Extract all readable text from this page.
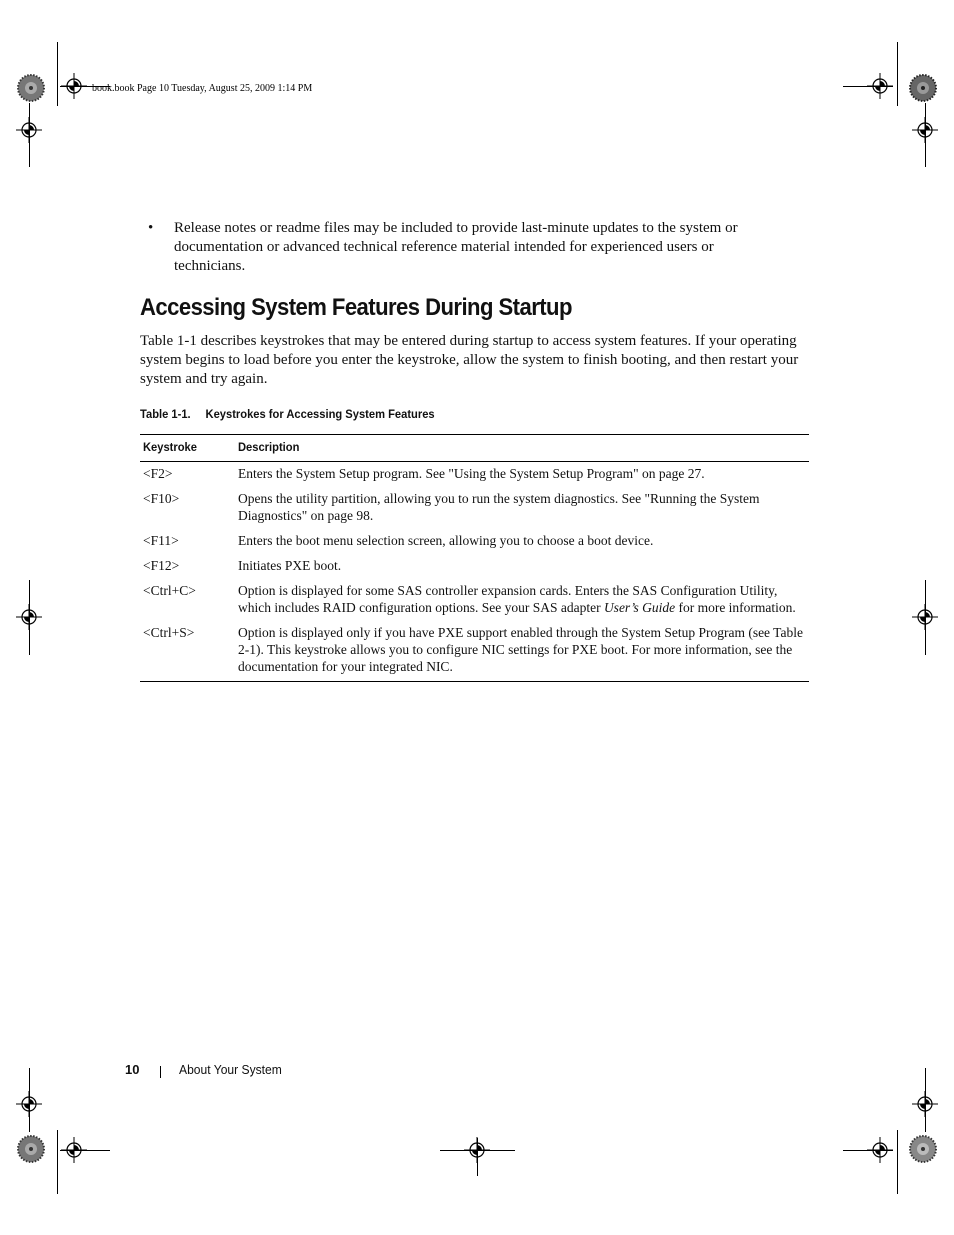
book.book Page 10 Tuesday, August 25, 2009 1:14 PM
• Release notes or readme files may be included to provide last-minute updates to the system or documentation or advanced technical reference material intended for experienced users or technicians.
Accessing System Features During Startup

Table 1-1 describes keystrokes that may be entered during startup to access system features. If your operating system begins to load before you enter the keystroke, allow the system to finish booting, and then restart your system and try again.

Table 1-1. Keystrokes for Accessing System Features
Keystroke	Description
<F2>	Enters the System Setup program. See "Using the System Setup Program" on page 27.
<F10>	Opens the utility partition, allowing you to run the system diagnostics. See "Running the System Diagnostics" on page 98.
<F11>	Enters the boot menu selection screen, allowing you to choose a boot device.
<F12>	Initiates PXE boot.
<Ctrl+C>	Option is displayed for some SAS controller expansion cards. Enters the SAS Configuration Utility, which includes RAID configuration options. See your SAS adapter User’s Guide for more information.
<Ctrl+S>	Option is displayed only if you have PXE support enabled through the System Setup Program (see Table 2-1). This keystroke allows you to configure NIC settings for PXE boot. For more information, see the documentation for your integrated NIC.
10	About Your System
